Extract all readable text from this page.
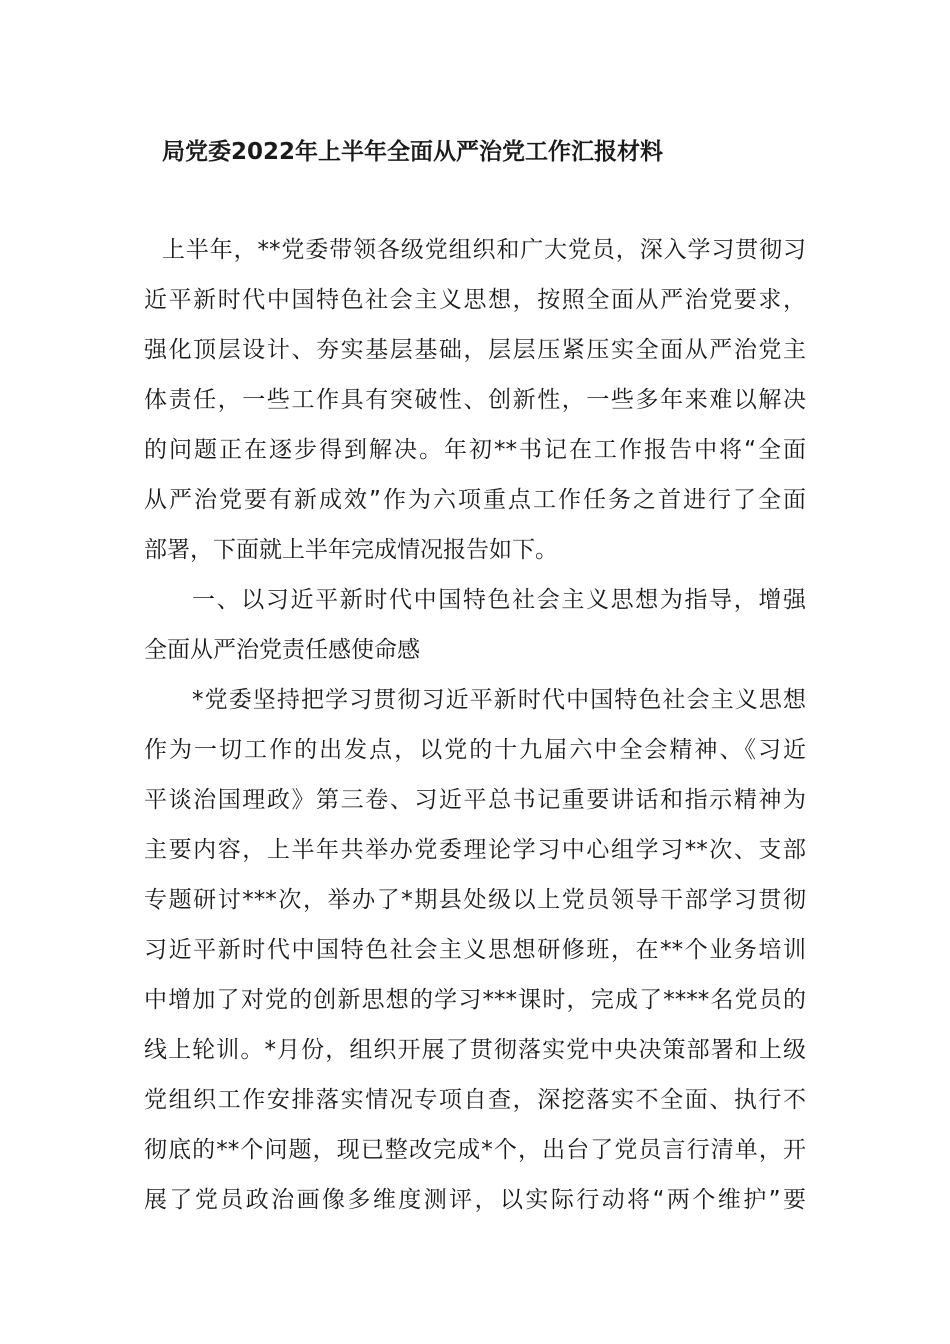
局党委2022年上半年全面从严治党工作汇报材料
上半年，**党委带领各级党组织和广大党员，深入学习贯彻习
近平新时代中国特色社会主义思想，按照全面从严治党要求，
强化顶层设计、夯实基层基础，层层压紧压实全面从严治党主
体责任，一些工作具有突破性、创新性，一些多年来难以解决
的问题正在逐步得到解决。年初**书记在工作报告中将“全面
从严治党要有新成效”作为六项重点工作任务之首进行了全面
部署，下面就上半年完成情况报告如下。
一、以习近平新时代中国特色社会主义思想为指导，增强
全面从严治党责任感使命感
*党委坚持把学习贯彻习近平新时代中国特色社会主义思想
作为一切工作的出发点，以党的十九届六中全会精神、《习近
平谈治国理政》第三卷、习近平总书记重要讲话和指示精神为
主要内容，上半年共举办党委理论学习中心组学习**次、支部
专题研讨***次，举办了*期县处级以上党员领导干部学习贯彻
习近平新时代中国特色社会主义思想研修班，在**个业务培训
中增加了对党的创新思想的学习***课时，完成了****名党员的
线上轮训。*月份，组织开展了贯彻落实党中央决策部署和上级
党组织工作安排落实情况专项自查，深挖落实不全面、执行不
彻底的**个问题，现已整改完成*个，出台了党员言行清单，开
展了党员政治画像多维度测评，以实际行动将“两个维护”要
